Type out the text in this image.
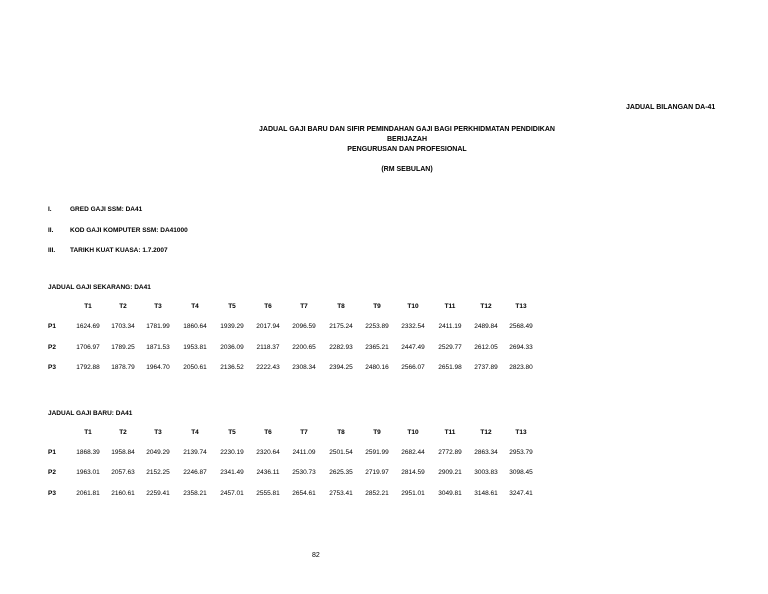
JADUAL BILANGAN DA-41
JADUAL GAJI BARU DAN SIFIR PEMINDAHAN GAJI BAGI PERKHIDMATAN PENDIDIKAN
BERIJAZAH
PENGURUSAN DAN PROFESIONAL
(RM SEBULAN)
I.	GRED GAJI SSM: DA41
II.	KOD GAJI KOMPUTER SSM: DA41000
III. TARIKH KUAT KUASA: 1.7.2007
JADUAL GAJI SEKARANG: DA41
T1	T2	T3	T4	T5	T6	T7	T8	T9	T10	T11	T12	T13
P1	1624.69	1703.34	1781.99	1860.64	1939.29	2017.94	2096.59	2175.24	2253.89	2332.54	2411.19	2489.84	2568.49
P2	1706.97	1789.25	1871.53	1953.81	2036.09	2118.37	2200.65	2282.93	2365.21	2447.49	2529.77	2612.05	2694.33
P3	1792.88	1878.79	1964.70	2050.61	2136.52	2222.43	2308.34	2394.25	2480.16	2566.07	2651.98	2737.89	2823.80
JADUAL GAJI BARU: DA41
T1	T2	T3	T4	T5	T6	T7	T8	T9	T10	T11	T12	T13
P1	1868.39	1958.84	2049.29	2139.74	2230.19	2320.64	2411.09	2501.54	2591.99	2682.44	2772.89	2863.34	2953.79
P2	1963.01	2057.63	2152.25	2246.87	2341.49	2436.11	2530.73	2625.35	2719.97	2814.59	2909.21	3003.83	3098.45
P3	2061.81	2160.61	2259.41	2358.21	2457.01	2555.81	2654.61	2753.41	2852.21	2951.01	3049.81	3148.61	3247.41
82
